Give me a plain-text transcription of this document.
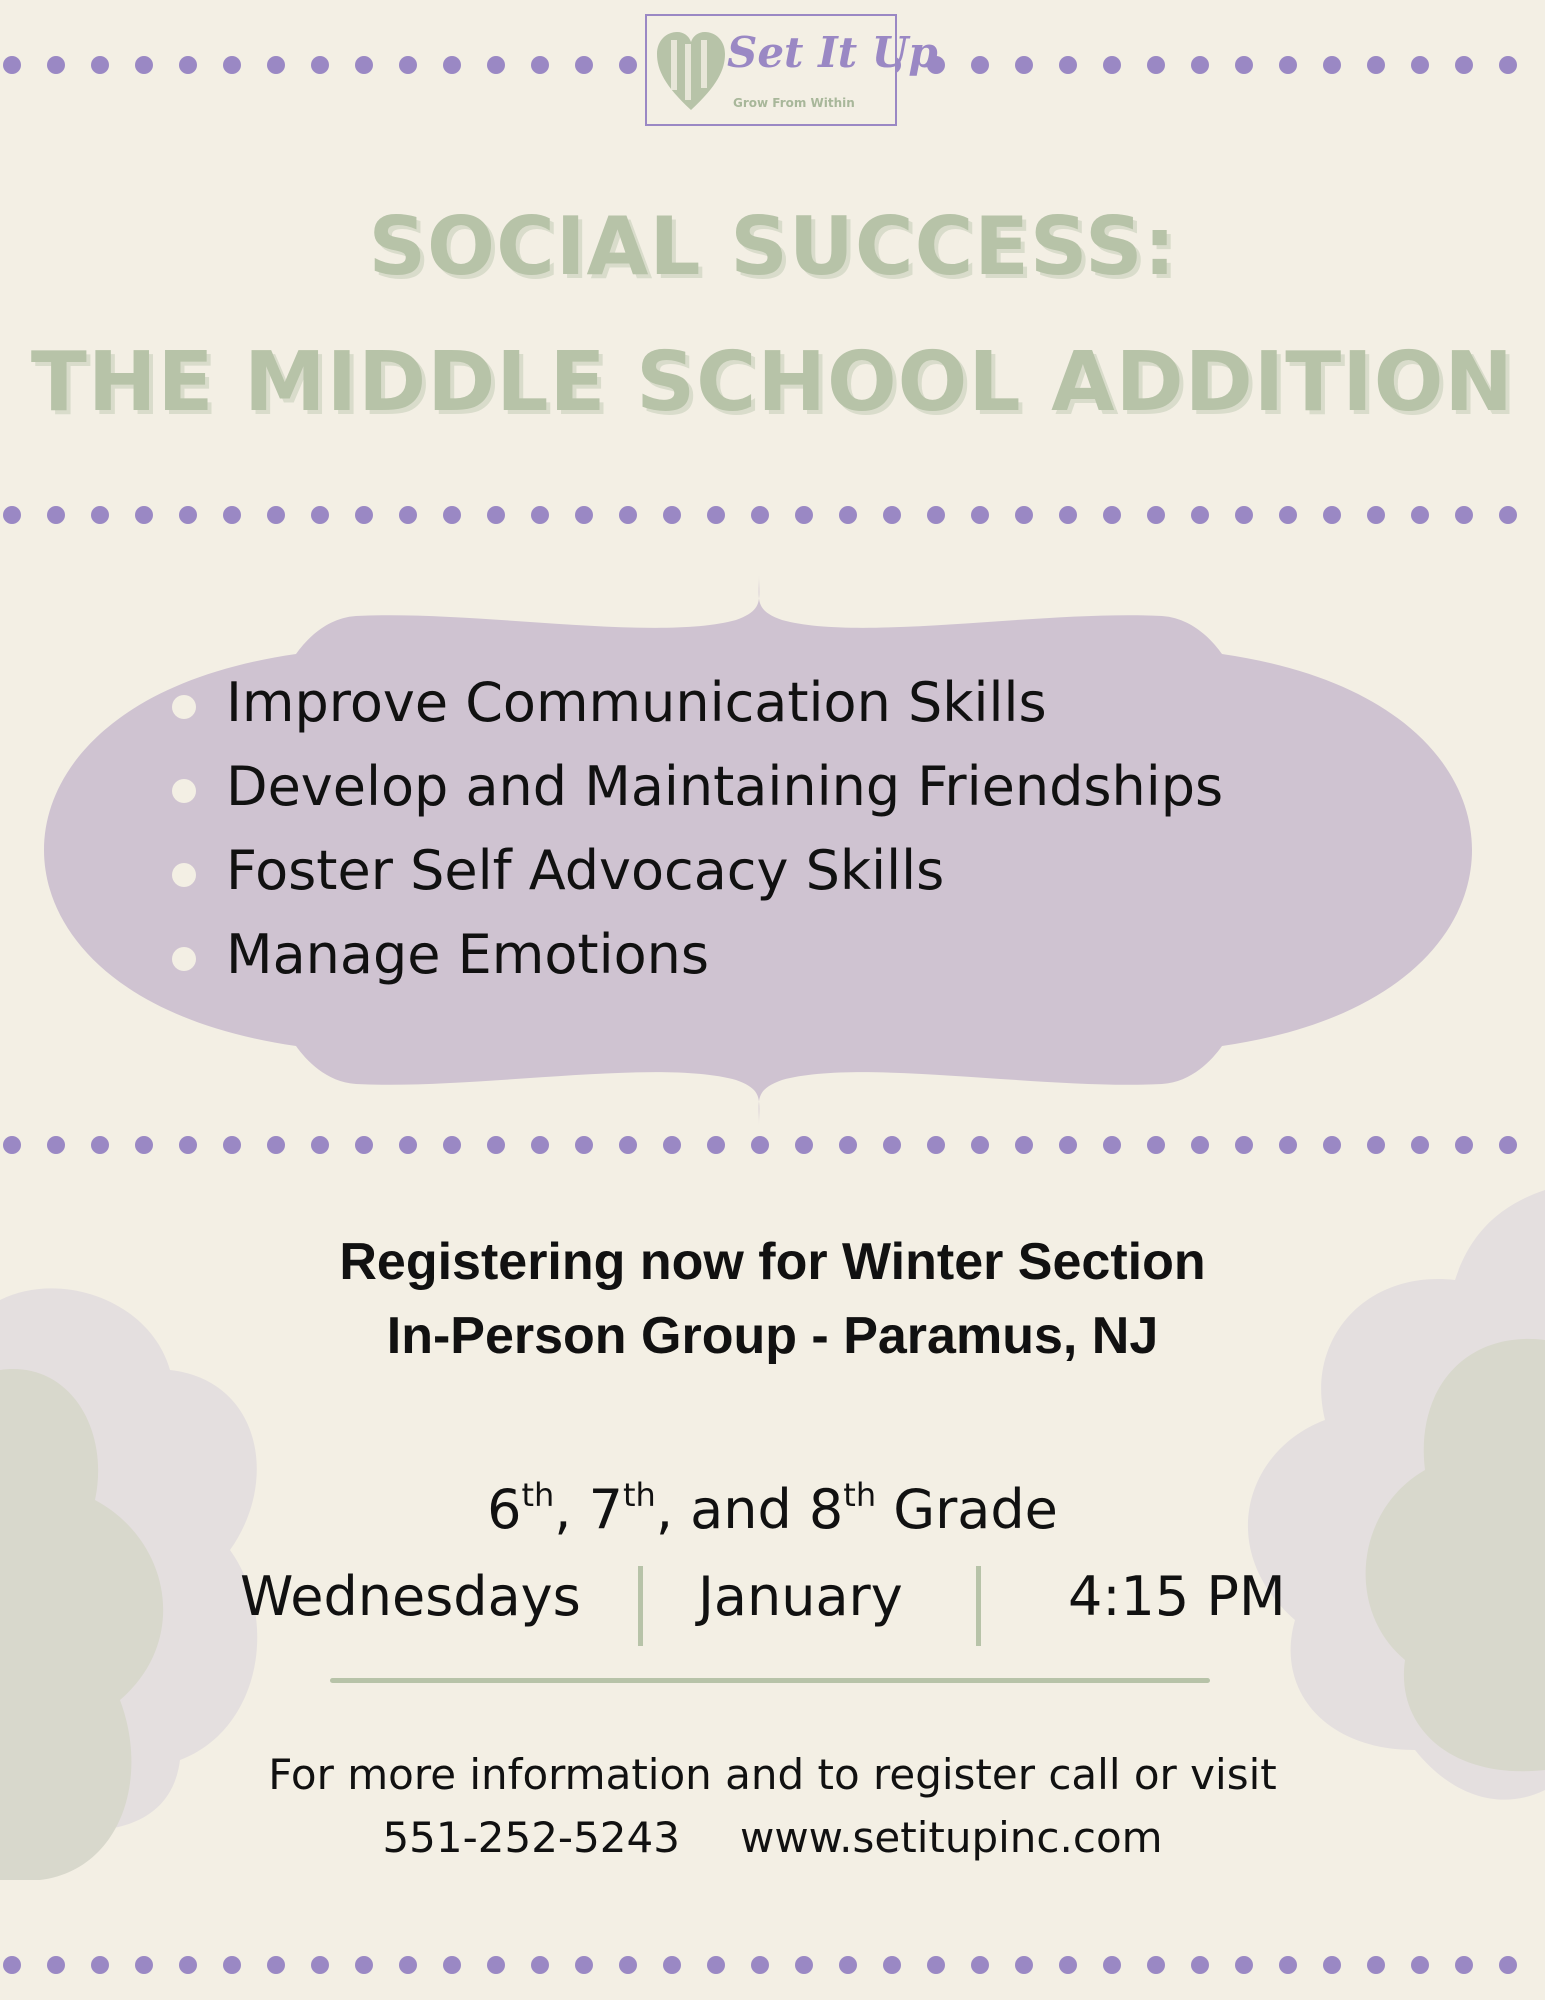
Set It Up
Grow From Within
SOCIAL SUCCESS:
THE MIDDLE SCHOOL ADDITION
Improve Communication Skills
Develop and Maintaining Friendships
Foster Self Advocacy Skills
Manage Emotions
Registering now for Winter Section
In-Person Group - Paramus, NJ
6th, 7th, and 8th Grade
Wednesdays January	4:15 PM
For more information and to register call or visit
551-252-5243 www.setitupinc.com
